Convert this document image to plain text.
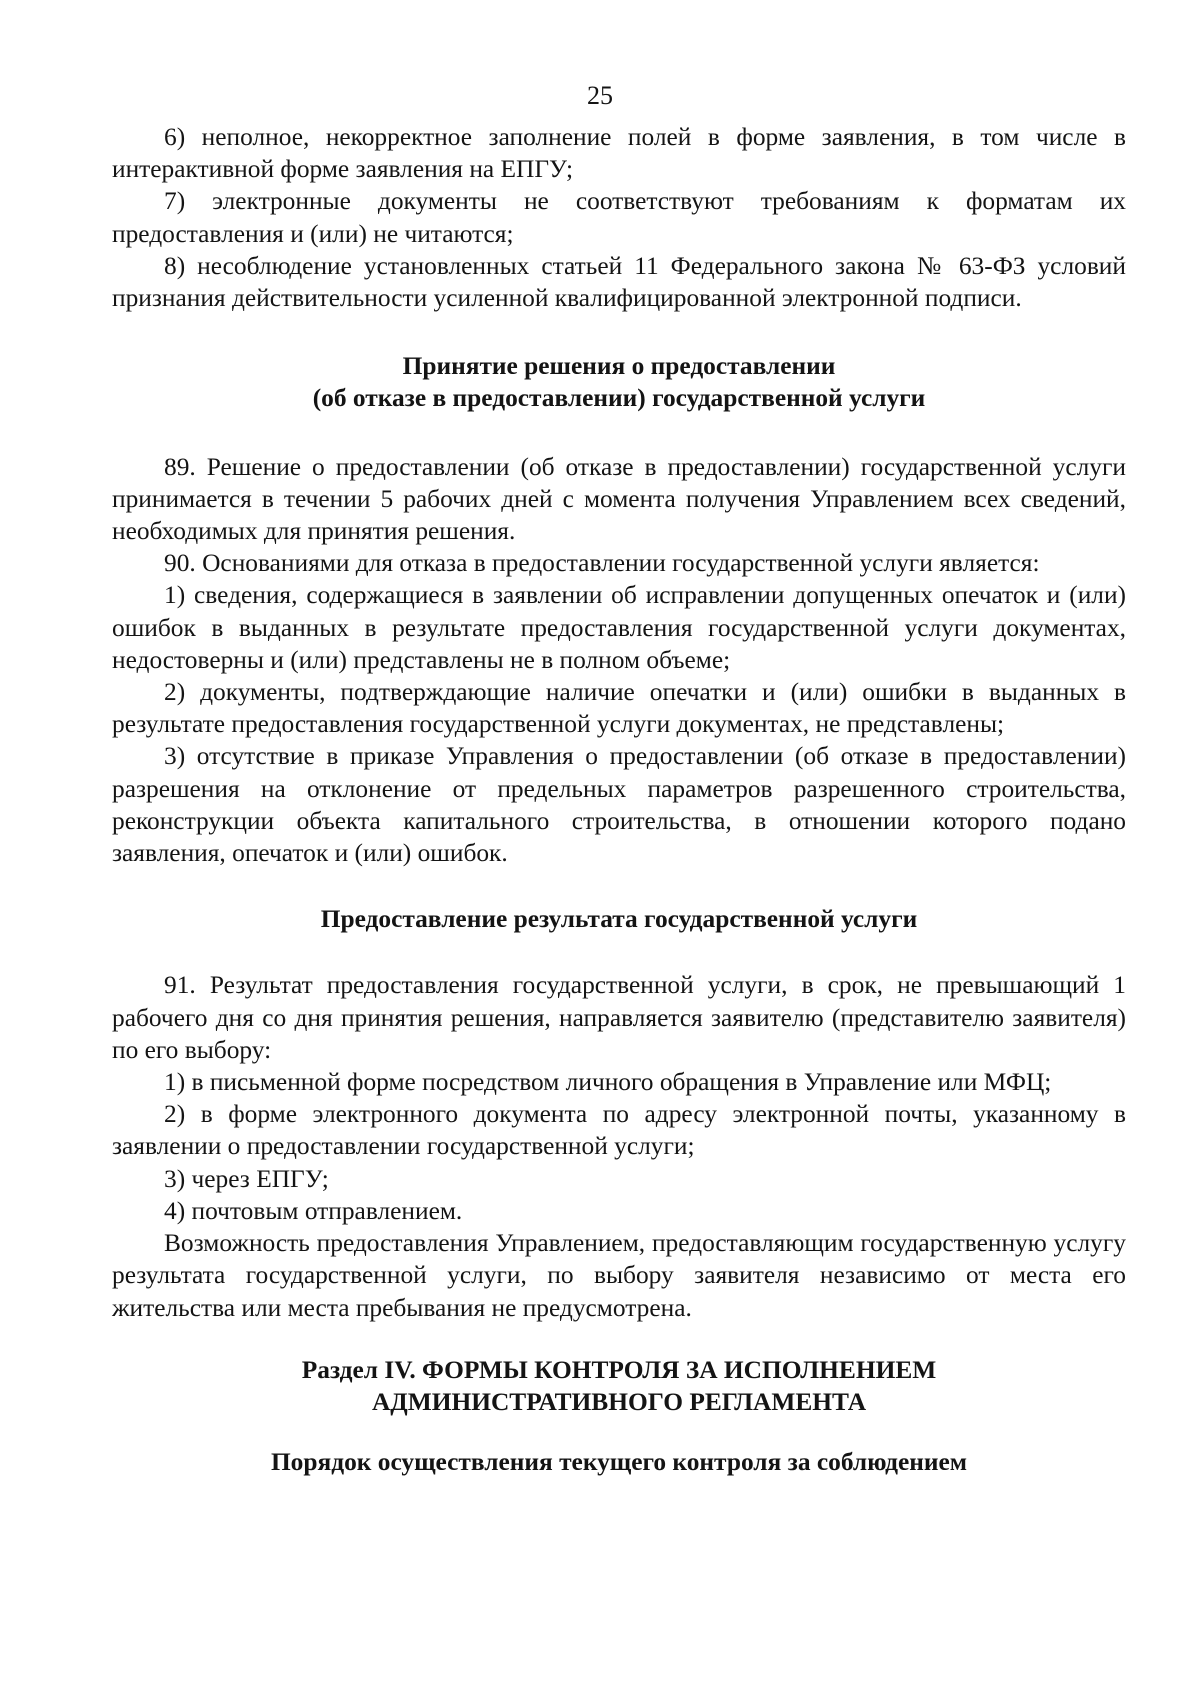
25

6) неполное, некорректное заполнение полей в форме заявления, в том числе в интерактивной форме заявления на ЕПГУ;

7) электронные документы не соответствуют требованиям к форматам их предоставления и (или) не читаются;

8) несоблюдение установленных статьей 11 Федерального закона № 63-ФЗ условий признания действительности усиленной квалифицированной электронной подписи.

Принятие решения о предоставлении
(об отказе в предоставлении) государственной услуги

89. Решение о предоставлении (об отказе в предоставлении) государственной услуги принимается в течении 5 рабочих дней с момента получения Управлением всех сведений, необходимых для принятия решения.

90. Основаниями для отказа в предоставлении государственной услуги является:

1) сведения, содержащиеся в заявлении об исправлении допущенных опечаток и (или) ошибок в выданных в результате предоставления государственной услуги документах, недостоверны и (или) представлены не в полном объеме;

2) документы, подтверждающие наличие опечатки и (или) ошибки в выданных в результате предоставления государственной услуги документах, не представлены;

3) отсутствие в приказе Управления о предоставлении (об отказе в предоставлении) разрешения на отклонение от предельных параметров разрешенного строительства, реконструкции объекта капитального строительства, в отношении которого подано заявления, опечаток и (или) ошибок.

Предоставление результата государственной услуги

91. Результат предоставления государственной услуги, в срок, не превышающий 1 рабочего дня со дня принятия решения, направляется заявителю (представителю заявителя) по его выбору:

1) в письменной форме посредством личного обращения в Управление или МФЦ;

2) в форме электронного документа по адресу электронной почты, указанному в заявлении о предоставлении государственной услуги;

3) через ЕПГУ;

4) почтовым отправлением.

Возможность предоставления Управлением, предоставляющим государственную услугу результата государственной услуги, по выбору заявителя независимо от места его жительства или места пребывания не предусмотрена.

Раздел IV. ФОРМЫ КОНТРОЛЯ ЗА ИСПОЛНЕНИЕМ
АДМИНИСТРАТИВНОГО РЕГЛАМЕНТА
Порядок осуществления текущего контроля за соблюдением
